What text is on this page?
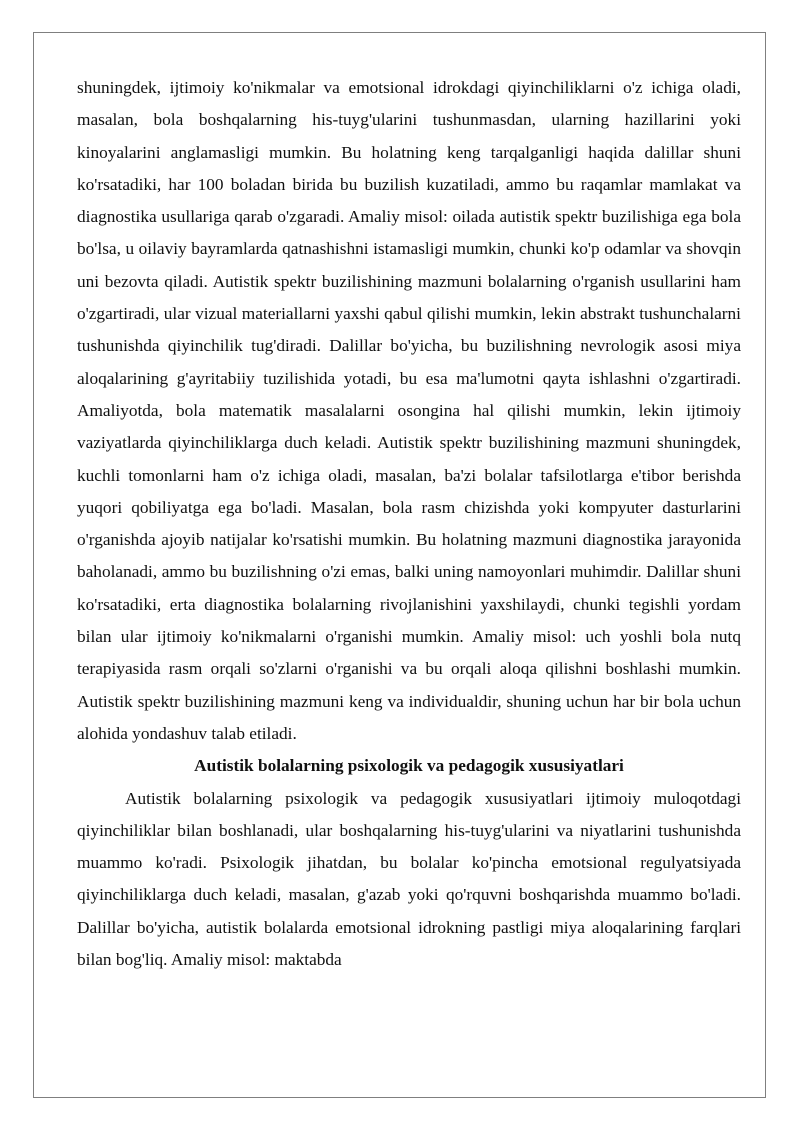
shuningdek, ijtimoiy ko'nikmalar va emotsional idrokdagi qiyinchiliklarni o'z ichiga oladi, masalan, bola boshqalarning his-tuyg'ularini tushunmasdan, ularning hazillarini yoki kinoyalarini anglamasligi mumkin. Bu holatning keng tarqalganligi haqida dalillar shuni ko'rsatadiki, har 100 boladan birida bu buzilish kuzatiladi, ammo bu raqamlar mamlakat va diagnostika usullariga qarab o'zgaradi. Amaliy misol: oilada autistik spektr buzilishiga ega bola bo'lsa, u oilaviy bayramlarda qatnashishni istamasligi mumkin, chunki ko'p odamlar va shovqin uni bezovta qiladi. Autistik spektr buzilishining mazmuni bolalarning o'rganish usullarini ham o'zgartiradi, ular vizual materiallarni yaxshi qabul qilishi mumkin, lekin abstrakt tushunchalarni tushunishda qiyinchilik tug'diradi. Dalillar bo'yicha, bu buzilishning nevrologik asosi miya aloqalarining g'ayritabiiy tuzilishida yotadi, bu esa ma'lumotni qayta ishlashni o'zgartiradi. Amaliyotda, bola matematik masalalarni osongina hal qilishi mumkin, lekin ijtimoiy vaziyatlarda qiyinchiliklarga duch keladi. Autistik spektr buzilishining mazmuni shuningdek, kuchli tomonlarni ham o'z ichiga oladi, masalan, ba'zi bolalar tafsilotlarga e'tibor berishda yuqori qobiliyatga ega bo'ladi. Masalan, bola rasm chizishda yoki kompyuter dasturlarini o'rganishda ajoyib natijalar ko'rsatishi mumkin. Bu holatning mazmuni diagnostika jarayonida baholanadi, ammo bu buzilishning o'zi emas, balki uning namoyonlari muhimdir. Dalillar shuni ko'rsatadiki, erta diagnostika bolalarning rivojlanishini yaxshilaydi, chunki tegishli yordam bilan ular ijtimoiy ko'nikmalarni o'rganishi mumkin. Amaliy misol: uch yoshli bola nutq terapiyasida rasm orqali so'zlarni o'rganishi va bu orqali aloqa qilishni boshlashi mumkin. Autistik spektr buzilishining mazmuni keng va individualdir, shuning uchun har bir bola uchun alohida yondashuv talab etiladi.

Autistik bolalarning psixologik va pedagogik xususiyatlari

Autistik bolalarning psixologik va pedagogik xususiyatlari ijtimoiy muloqotdagi qiyinchiliklar bilan boshlanadi, ular boshqalarning his-tuyg'ularini va niyatlarini tushunishda muammo ko'radi. Psixologik jihatdan, bu bolalar ko'pincha emotsional regulyatsiyada qiyinchiliklarga duch keladi, masalan, g'azab yoki qo'rquvni boshqarishda muammo bo'ladi. Dalillar bo'yicha, autistik bolalarda emotsional idrokning pastligi miya aloqalarining farqlari bilan bog'liq. Amaliy misol: maktabda
